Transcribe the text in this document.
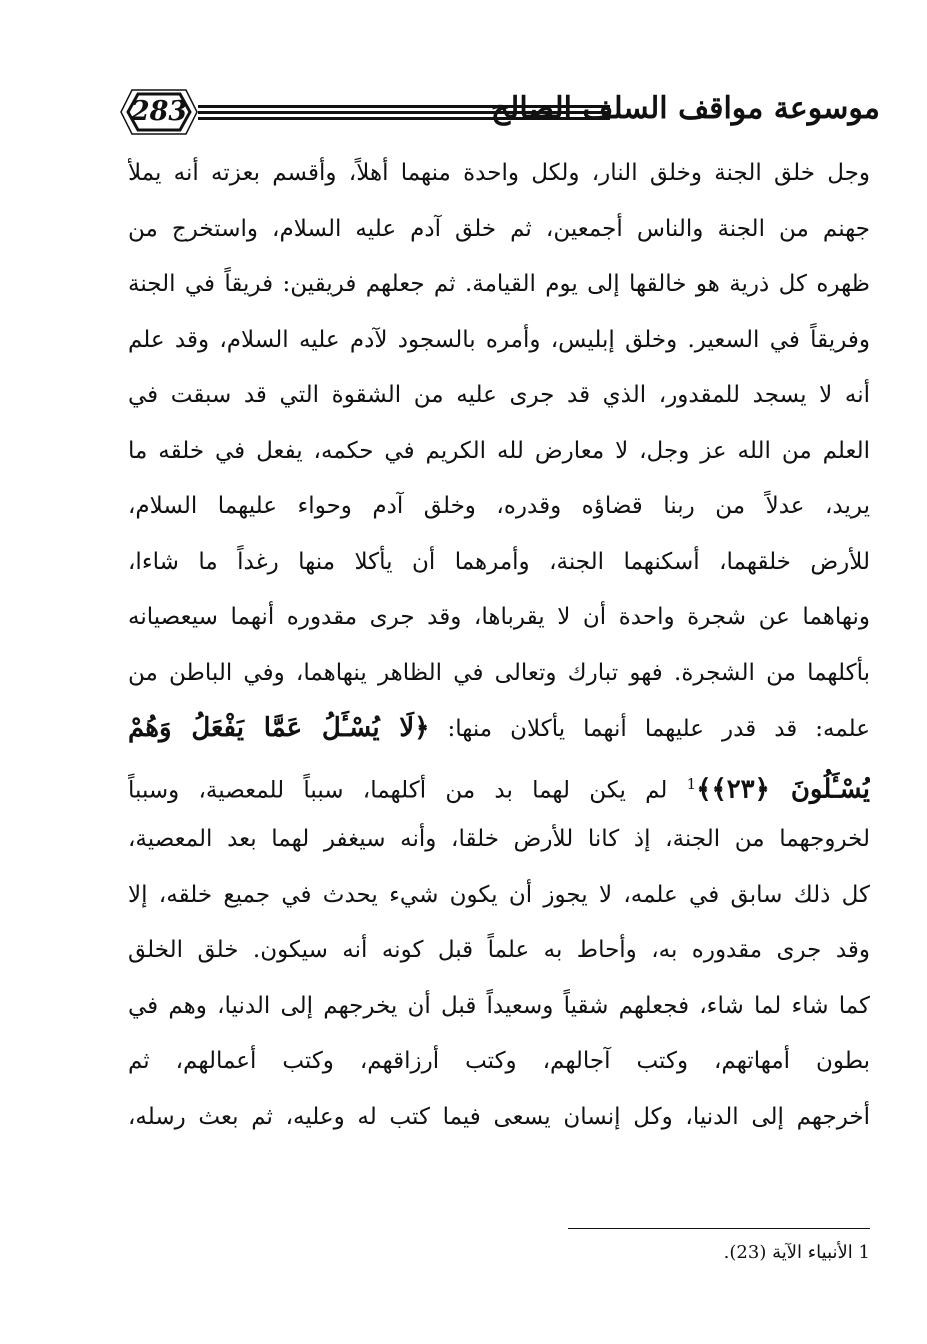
283	موسوعة مواقف السلف الصالح
وجل خلق الجنة وخلق النار، ولكل واحدة منهما أهلاً، وأقسم بعزته أنه يملأ
جهنم من الجنة والناس أجمعين، ثم خلق آدم عليه السلام، واستخرج من
ظهره كل ذرية هو خالقها إلى يوم القيامة. ثم جعلهم فريقين: فريقاً في الجنة
وفريقاً في السعير. وخلق إبليس، وأمره بالسجود لآدم عليه السلام، وقد علم
أنه لا يسجد للمقدور، الذي قد جرى عليه من الشقوة التي قد سبقت في
العلم من الله عز وجل، لا معارض لله الكريم في حكمه، يفعل في خلقه ما
يريد، عدلاً من ربنا قضاؤه وقدره، وخلق آدم وحواء عليهما السلام،
للأرض خلقهما، أسكنهما الجنة، وأمرهما أن يأكلا منها رغداً ما شاءا،
ونهاهما عن شجرة واحدة أن لا يقرباها، وقد جرى مقدوره أنهما سيعصيانه
بأكلهما من الشجرة. فهو تبارك وتعالى في الظاهر ينهاهما، وفي الباطن من
علمه: قد قدر عليهما أنهما يأكلان منها: ﴿لَا يُسْـَٔلُ عَمَّا يَفْعَلُ وَهُمْ
يُسْـَٔلُونَ ﴿٢٣﴾﴾$^1$ لم يكن لهما بد من أكلهما، سبباً للمعصية، وسبباً
لخروجهما من الجنة، إذ كانا للأرض خلقا، وأنه سيغفر لهما بعد المعصية،
كل ذلك سابق في علمه، لا يجوز أن يكون شيء يحدث في جميع خلقه، إلا
وقد جرى مقدوره به، وأحاط به علماً قبل كونه أنه سيكون. خلق الخلق
كما شاء لما شاء، فجعلهم شقياً وسعيداً قبل أن يخرجهم إلى الدنيا، وهم في
بطون أمهاتهم، وكتب آجالهم، وكتب أرزاقهم، وكتب أعمالهم، ثم
أخرجهم إلى الدنيا، وكل إنسان يسعى فيما كتب له وعليه، ثم بعث رسله،
1 الأنبياء الآية (23).
